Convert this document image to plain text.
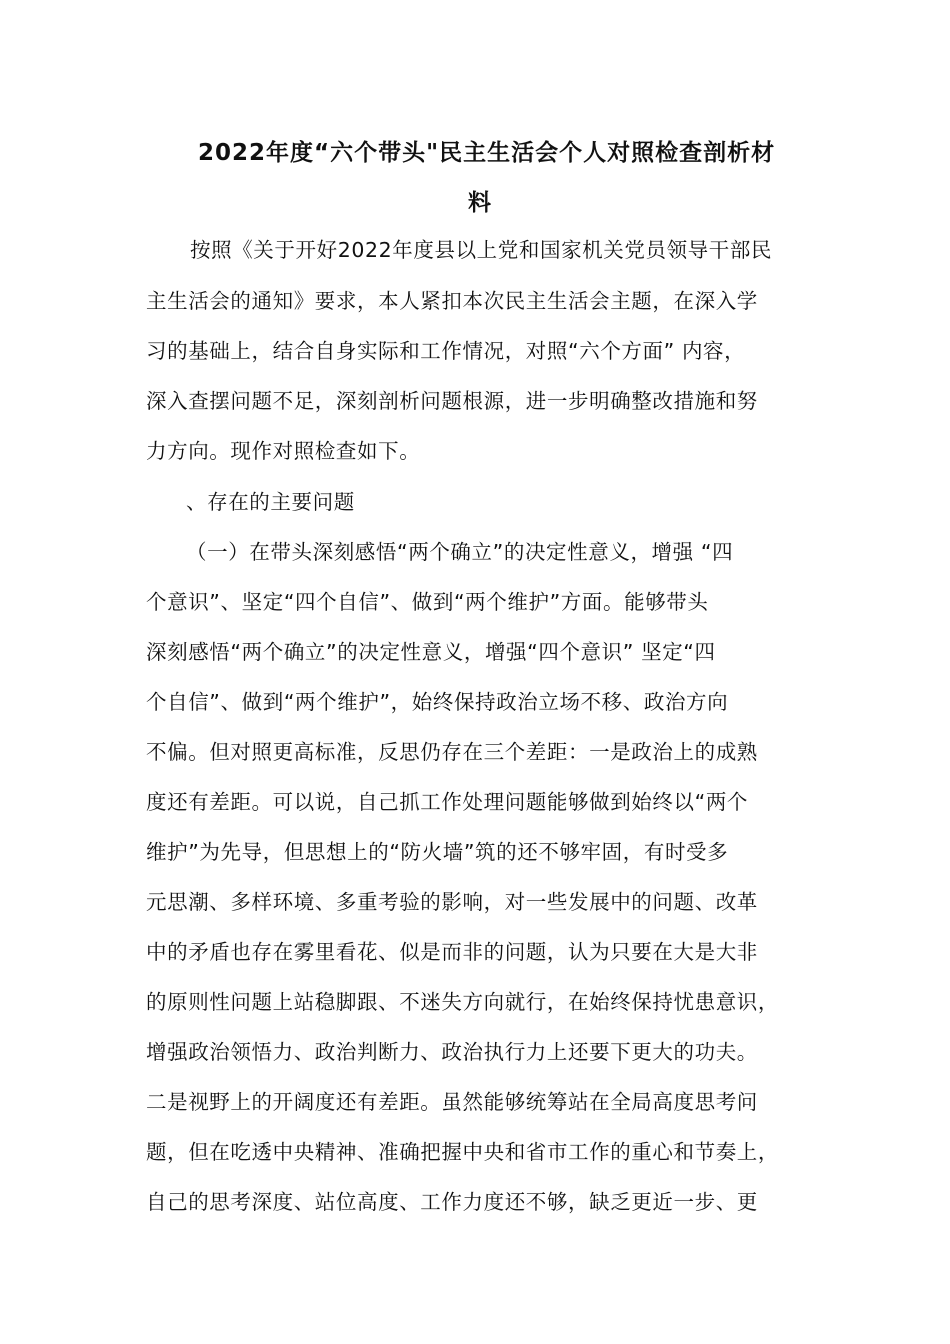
2022年度“六个带头"民主生活会个人对照检查剖析材
料
按照《关于开好2022年度县以上党和国家机关党员领导干部民
主生活会的通知》要求，本人紧扣本次民主生活会主题，在深入学
习的基础上，结合自身实际和工作情况，对照“六个方面” 内容，
深入查摆问题不足，深刻剖析问题根源，进一步明确整改措施和努
力方向。现作对照检查如下。
、存在的主要问题
（一）在带头深刻感悟“两个确立”的决定性意义，增强 “四
个意识”、坚定“四个自信”、做到“两个维护”方面。能够带头
深刻感悟“两个确立”的决定性意义，增强“四个意识” 坚定“四
个自信”、做到“两个维护”，始终保持政治立场不移、政治方向
不偏。但对照更高标准，反思仍存在三个差距：一是政治上的成熟
度还有差距。可以说，自己抓工作处理问题能够做到始终以“两个
维护”为先导，但思想上的“防火墙”筑的还不够牢固，有时受多
元思潮、多样环境、多重考验的影响，对一些发展中的问题、改革
中的矛盾也存在雾里看花、似是而非的问题，认为只要在大是大非
的原则性问题上站稳脚跟、不迷失方向就行，在始终保持忧患意识，
增强政治领悟力、政治判断力、政治执行力上还要下更大的功夫。
二是视野上的开阔度还有差距。虽然能够统筹站在全局高度思考问
题，但在吃透中央精神、准确把握中央和省市工作的重心和节奏上，
自己的思考深度、站位高度、工作力度还不够，缺乏更近一步、更
